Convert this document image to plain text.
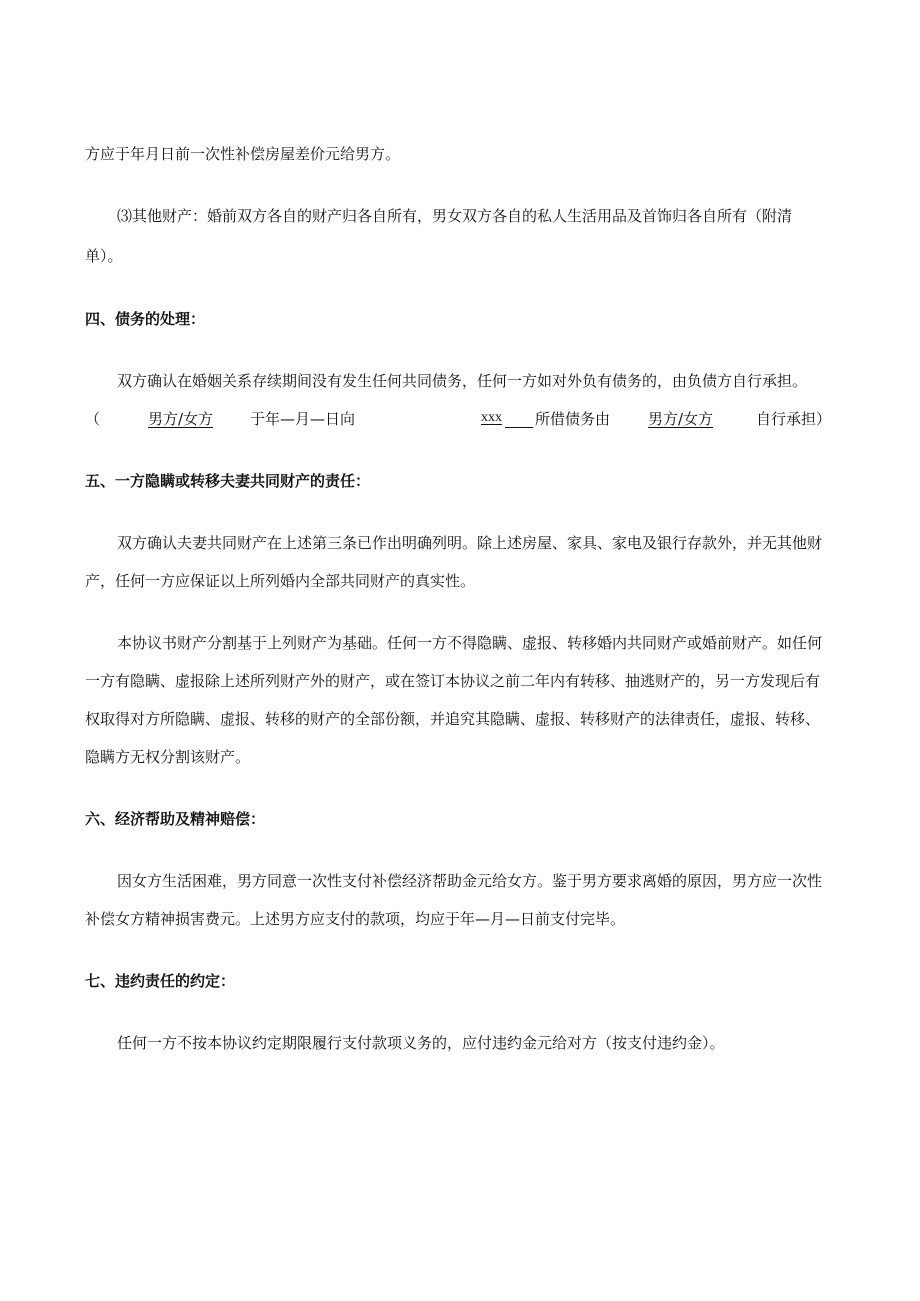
方应于年月日前一次性补偿房屋差价元给男方。
⑶其他财产：婚前双方各自的财产归各自所有，男女双方各自的私人生活用品及首饰归各自所有（附清
单）。
四、债务的处理：
双方确认在婚姻关系存续期间没有发生任何共同债务，任何一方如对外负有债务的，由负债方自行承担。
（	男方/女方 于年—月—日向	xxx 所借债务由	男方/女方	自行承担）
五、一方隐瞒或转移夫妻共同财产的责任：
双方确认夫妻共同财产在上述第三条已作出明确列明。除上述房屋、家具、家电及银行存款外，并无其他财
产，任何一方应保证以上所列婚内全部共同财产的真实性。
本协议书财产分割基于上列财产为基础。任何一方不得隐瞒、虚报、转移婚内共同财产或婚前财产。如任何
一方有隐瞒、虚报除上述所列财产外的财产，或在签订本协议之前二年内有转移、抽逃财产的，另一方发现后有
权取得对方所隐瞒、虚报、转移的财产的全部份额，并追究其隐瞒、虚报、转移财产的法律责任，虚报、转移、
隐瞒方无权分割该财产。
六、经济帮助及精神赔偿：
因女方生活困难，男方同意一次性支付补偿经济帮助金元给女方。鉴于男方要求离婚的原因，男方应一次性
补偿女方精神损害费元。上述男方应支付的款项，均应于年—月—日前支付完毕。
七、违约责任的约定：
任何一方不按本协议约定期限履行支付款项义务的，应付违约金元给对方（按支付违约金）。
